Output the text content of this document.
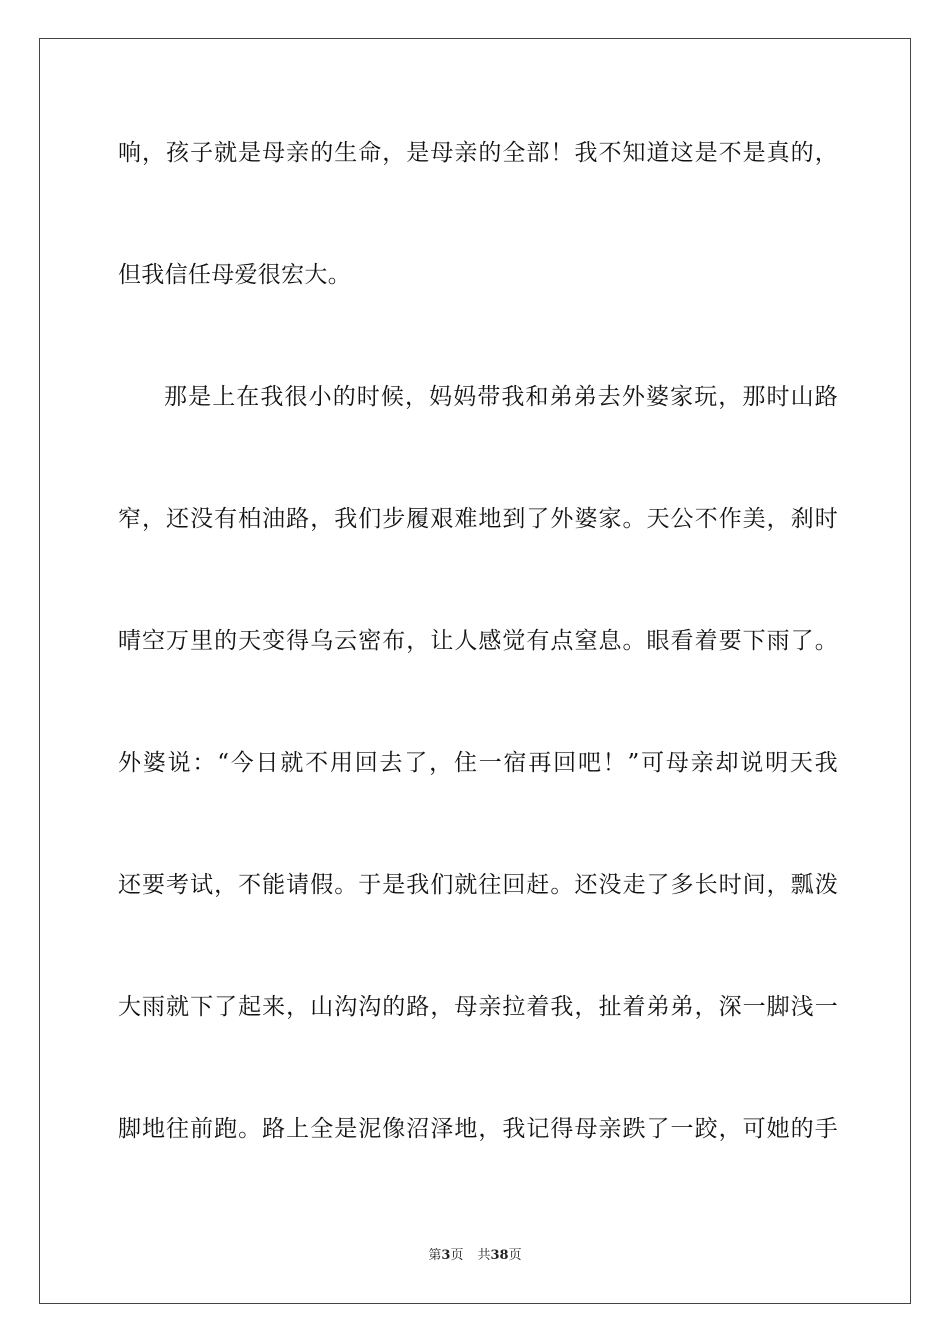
响，孩子就是母亲的生命，是母亲的全部！我不知道这是不是真的，
但我信任母爱很宏大。
那是上在我很小的时候，妈妈带我和弟弟去外婆家玩，那时山路
窄，还没有柏油路，我们步履艰难地到了外婆家。天公不作美，刹时
晴空万里的天变得乌云密布，让人感觉有点窒息。眼看着要下雨了。
外婆说：“今日就不用回去了，住一宿再回吧！”可母亲却说明天我
还要考试，不能请假。于是我们就往回赶。还没走了多长时间，瓢泼
大雨就下了起来，山沟沟的路，母亲拉着我，扯着弟弟，深一脚浅一
脚地往前跑。路上全是泥像沼泽地，我记得母亲跌了一跤，可她的手
第3页 共38页
